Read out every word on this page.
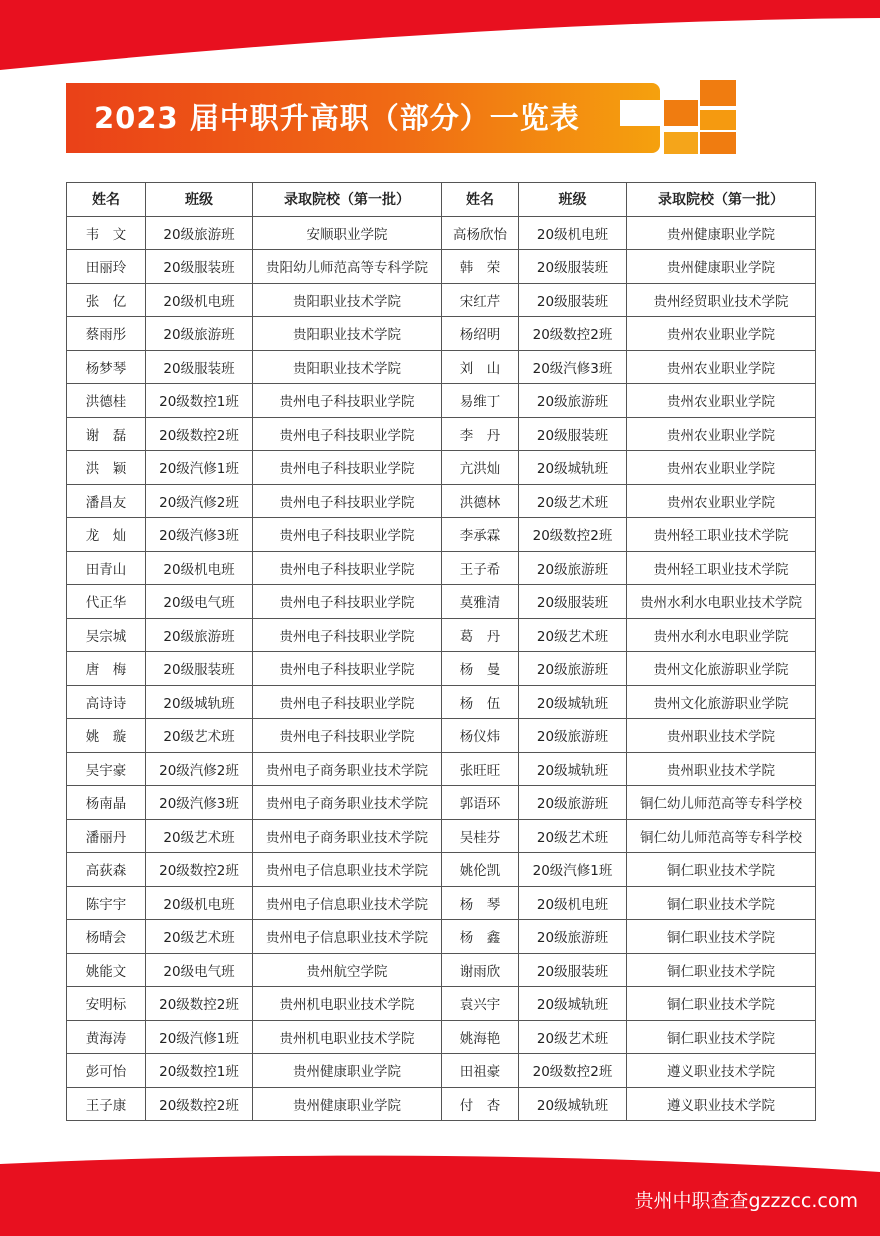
2023 届中职升高职（部分）一览表
姓名	班级	录取院校（第一批）	姓名	班级	录取院校（第一批）
韦　文	20级旅游班	安顺职业学院	高杨欣怡	20级机电班	贵州健康职业学院
田丽玲	20级服装班	贵阳幼儿师范高等专科学院	韩　荣	20级服装班	贵州健康职业学院
张　亿	20级机电班	贵阳职业技术学院	宋红芹	20级服装班	贵州经贸职业技术学院
蔡雨彤	20级旅游班	贵阳职业技术学院	杨绍明	20级数控2班	贵州农业职业学院
杨梦琴	20级服装班	贵阳职业技术学院	刘　山	20级汽修3班	贵州农业职业学院
洪德桂	20级数控1班	贵州电子科技职业学院	易维丁	20级旅游班	贵州农业职业学院
谢　磊	20级数控2班	贵州电子科技职业学院	李　丹	20级服装班	贵州农业职业学院
洪　颖	20级汽修1班	贵州电子科技职业学院	亢洪灿	20级城轨班	贵州农业职业学院
潘昌友	20级汽修2班	贵州电子科技职业学院	洪德林	20级艺术班	贵州农业职业学院
龙　灿	20级汽修3班	贵州电子科技职业学院	李承霖	20级数控2班	贵州轻工职业技术学院
田青山	20级机电班	贵州电子科技职业学院	王子希	20级旅游班	贵州轻工职业技术学院
代正华	20级电气班	贵州电子科技职业学院	莫雅清	20级服装班	贵州水利水电职业技术学院
吴宗城	20级旅游班	贵州电子科技职业学院	葛　丹	20级艺术班	贵州水利水电职业学院
唐　梅	20级服装班	贵州电子科技职业学院	杨　曼	20级旅游班	贵州文化旅游职业学院
高诗诗	20级城轨班	贵州电子科技职业学院	杨　伍	20级城轨班	贵州文化旅游职业学院
姚　璇	20级艺术班	贵州电子科技职业学院	杨仪炜	20级旅游班	贵州职业技术学院
吴宇豪	20级汽修2班	贵州电子商务职业技术学院	张旺旺	20级城轨班	贵州职业技术学院
杨南晶	20级汽修3班	贵州电子商务职业技术学院	郭语环	20级旅游班	铜仁幼儿师范高等专科学校
潘丽丹	20级艺术班	贵州电子商务职业技术学院	吴桂芬	20级艺术班	铜仁幼儿师范高等专科学校
高荻森	20级数控2班	贵州电子信息职业技术学院	姚伦凯	20级汽修1班	铜仁职业技术学院
陈宇宇	20级机电班	贵州电子信息职业技术学院	杨　琴	20级机电班	铜仁职业技术学院
杨晴会	20级艺术班	贵州电子信息职业技术学院	杨　鑫	20级旅游班	铜仁职业技术学院
姚能文	20级电气班	贵州航空学院	谢雨欣	20级服装班	铜仁职业技术学院
安明标	20级数控2班	贵州机电职业技术学院	袁兴宇	20级城轨班	铜仁职业技术学院
黄海涛	20级汽修1班	贵州机电职业技术学院	姚海艳	20级艺术班	铜仁职业技术学院
彭可怡	20级数控1班	贵州健康职业学院	田祖豪	20级数控2班	遵义职业技术学院
王子康	20级数控2班	贵州健康职业学院	付　杏	20级城轨班	遵义职业技术学院
贵州中职查查gzzzcc.com
